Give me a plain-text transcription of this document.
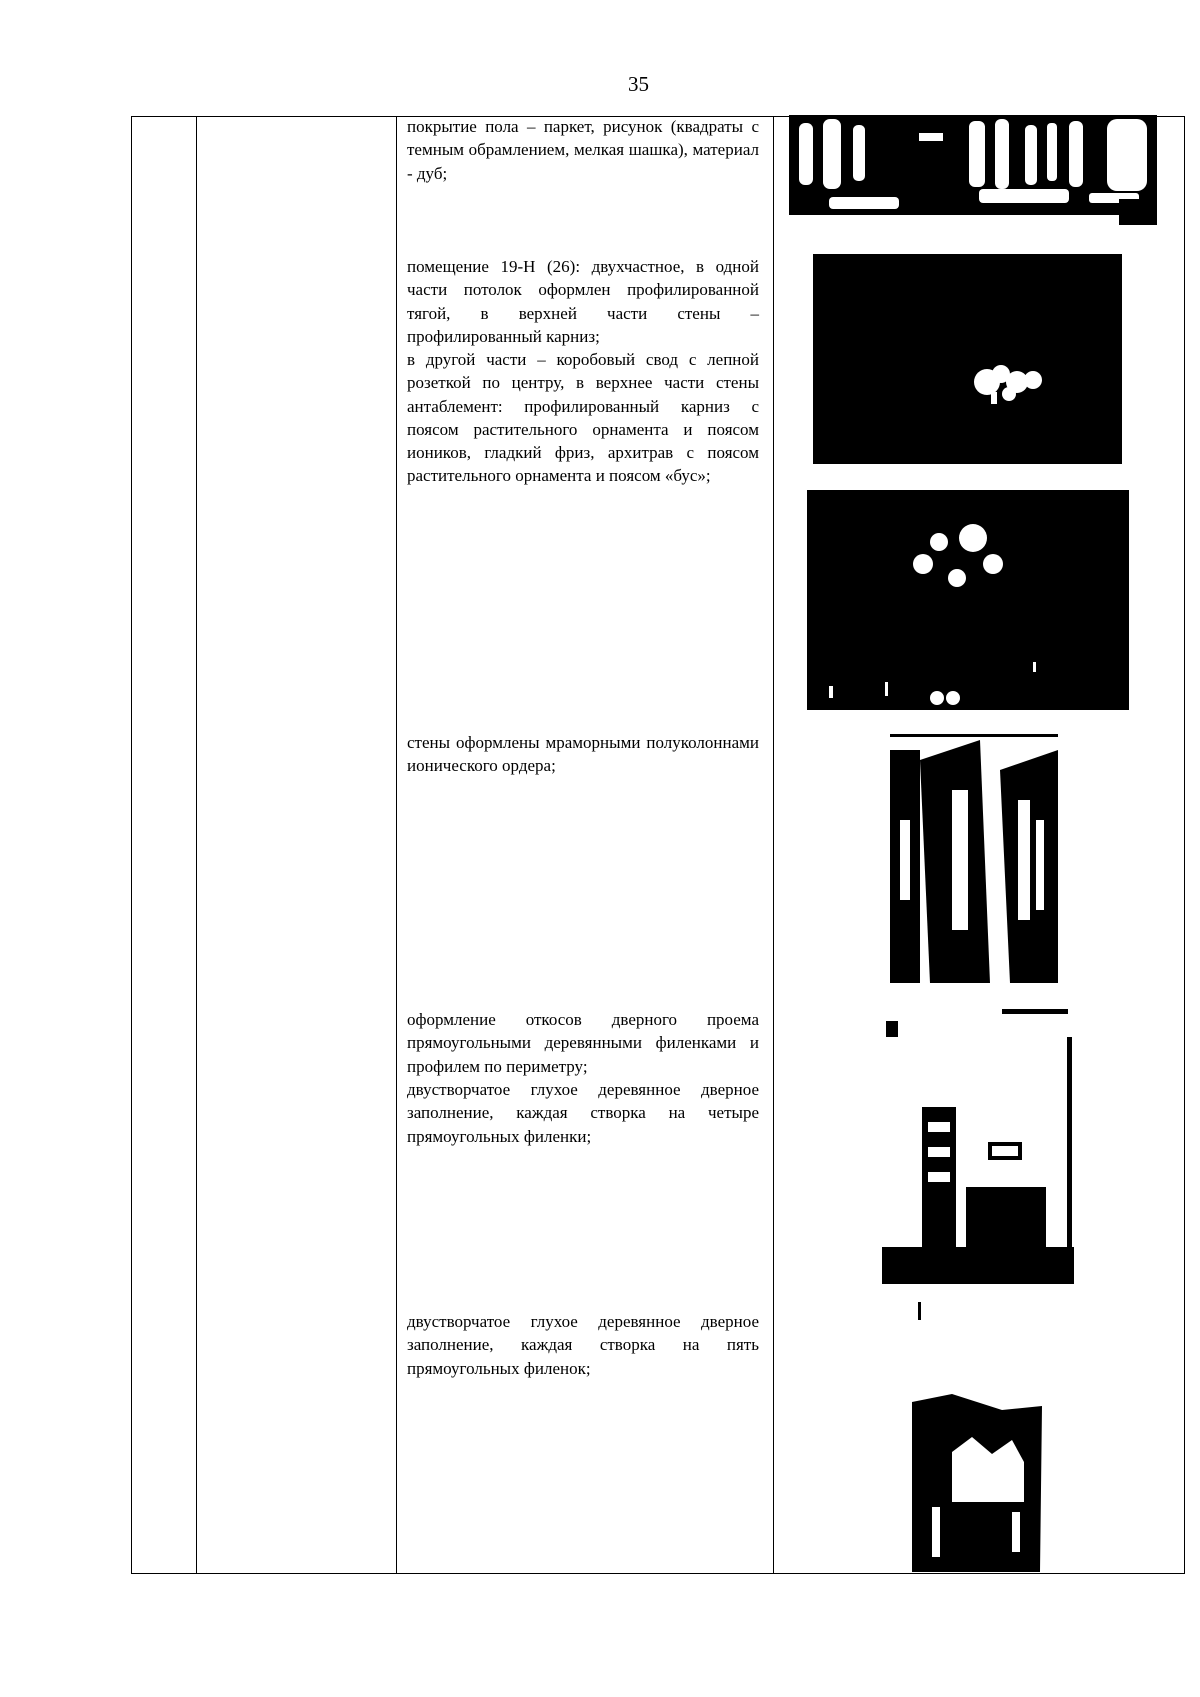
35
покрытие пола – паркет, рисунок (квадраты с темным обрамлением, мелкая шашка), материал - дуб;
помещение 19-Н (26): двухчастное, в одной части потолок оформлен профилированной тягой, в верхней части стены – профилированный карниз;
в другой части – коробовый свод с лепной розеткой по центру, в верхнее части стены антаблемент: профилированный карниз с поясом растительного орнамента и поясом иоников, гладкий фриз, архитрав с поясом растительного орнамента и поясом «бус»;
стены оформлены мраморными полуколоннами ионического ордера;
оформление откосов дверного проема прямоугольными деревянными филенками и профилем по периметру;
двустворчатое глухое деревянное дверное заполнение, каждая створка на четыре прямоугольных филенки;
двустворчатое глухое деревянное дверное заполнение, каждая створка на пять прямоугольных филенок;
